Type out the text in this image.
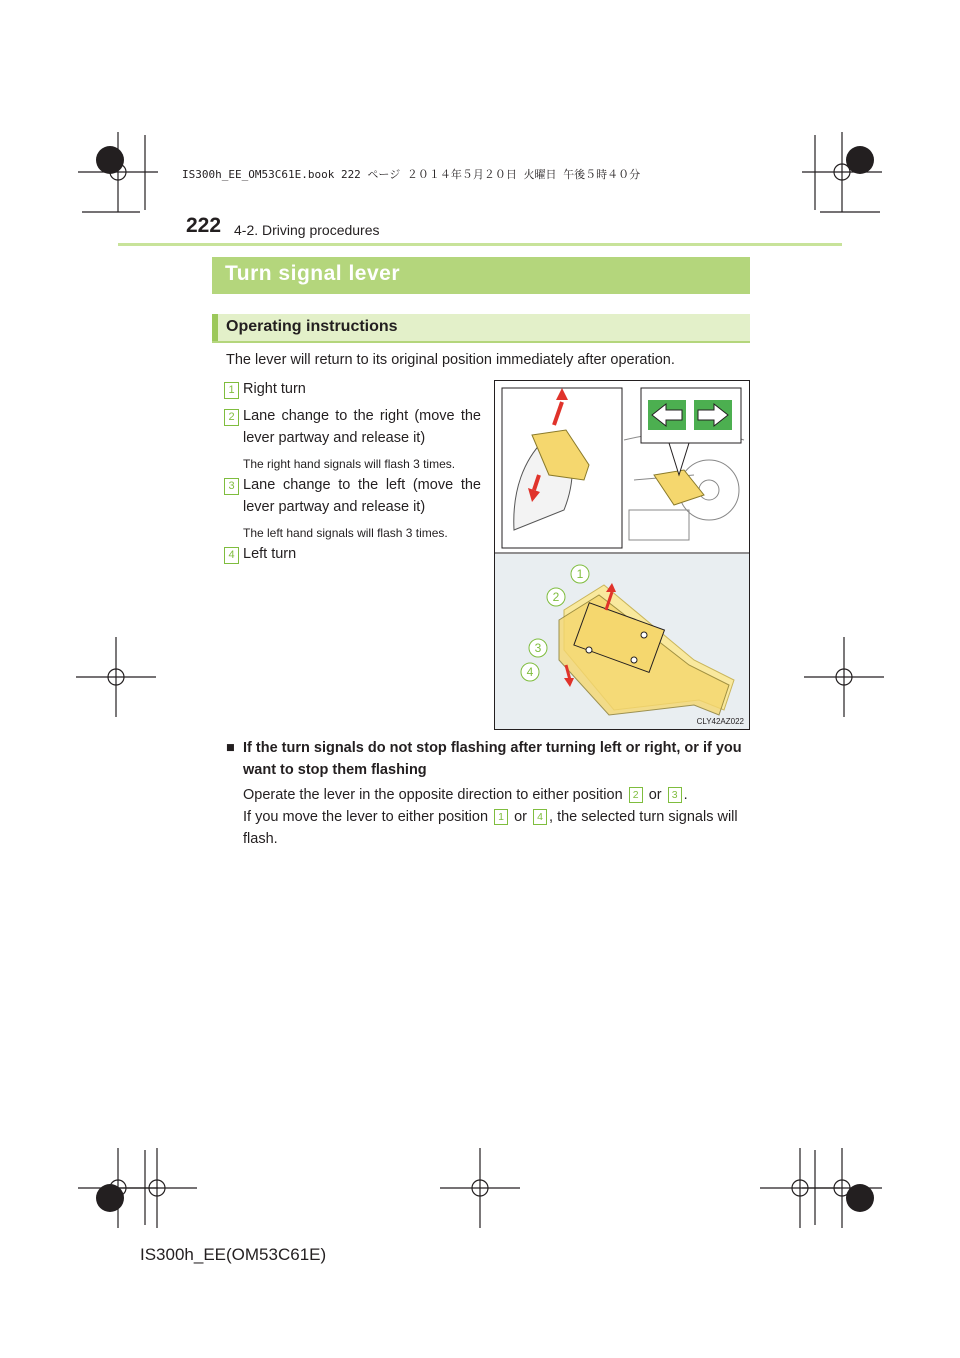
IS300h_EE_OM53C61E.book 222 ページ ２０１４年５月２０日 火曜日 午後５時４０分
222 4-2. Driving procedures
Turn signal lever
Operating instructions
The lever will return to its original position immediately after operation.
1 Right turn
2 Lane change to the right (move the lever partway and release it)
The right hand signals will flash 3 times.
3 Lane change to the left (move the lever partway and release it)
The left hand signals will flash 3 times.
4 Left turn
1
2
3
4
CLY42AZ022
■ If the turn signals do not stop flashing after turning left or right, or if you want to stop them flashing
Operate the lever in the opposite direction to either position 2 or 3 .
If you move the lever to either position 1 or 4 , the selected turn signals will flash.
IS300h_EE(OM53C61E)
